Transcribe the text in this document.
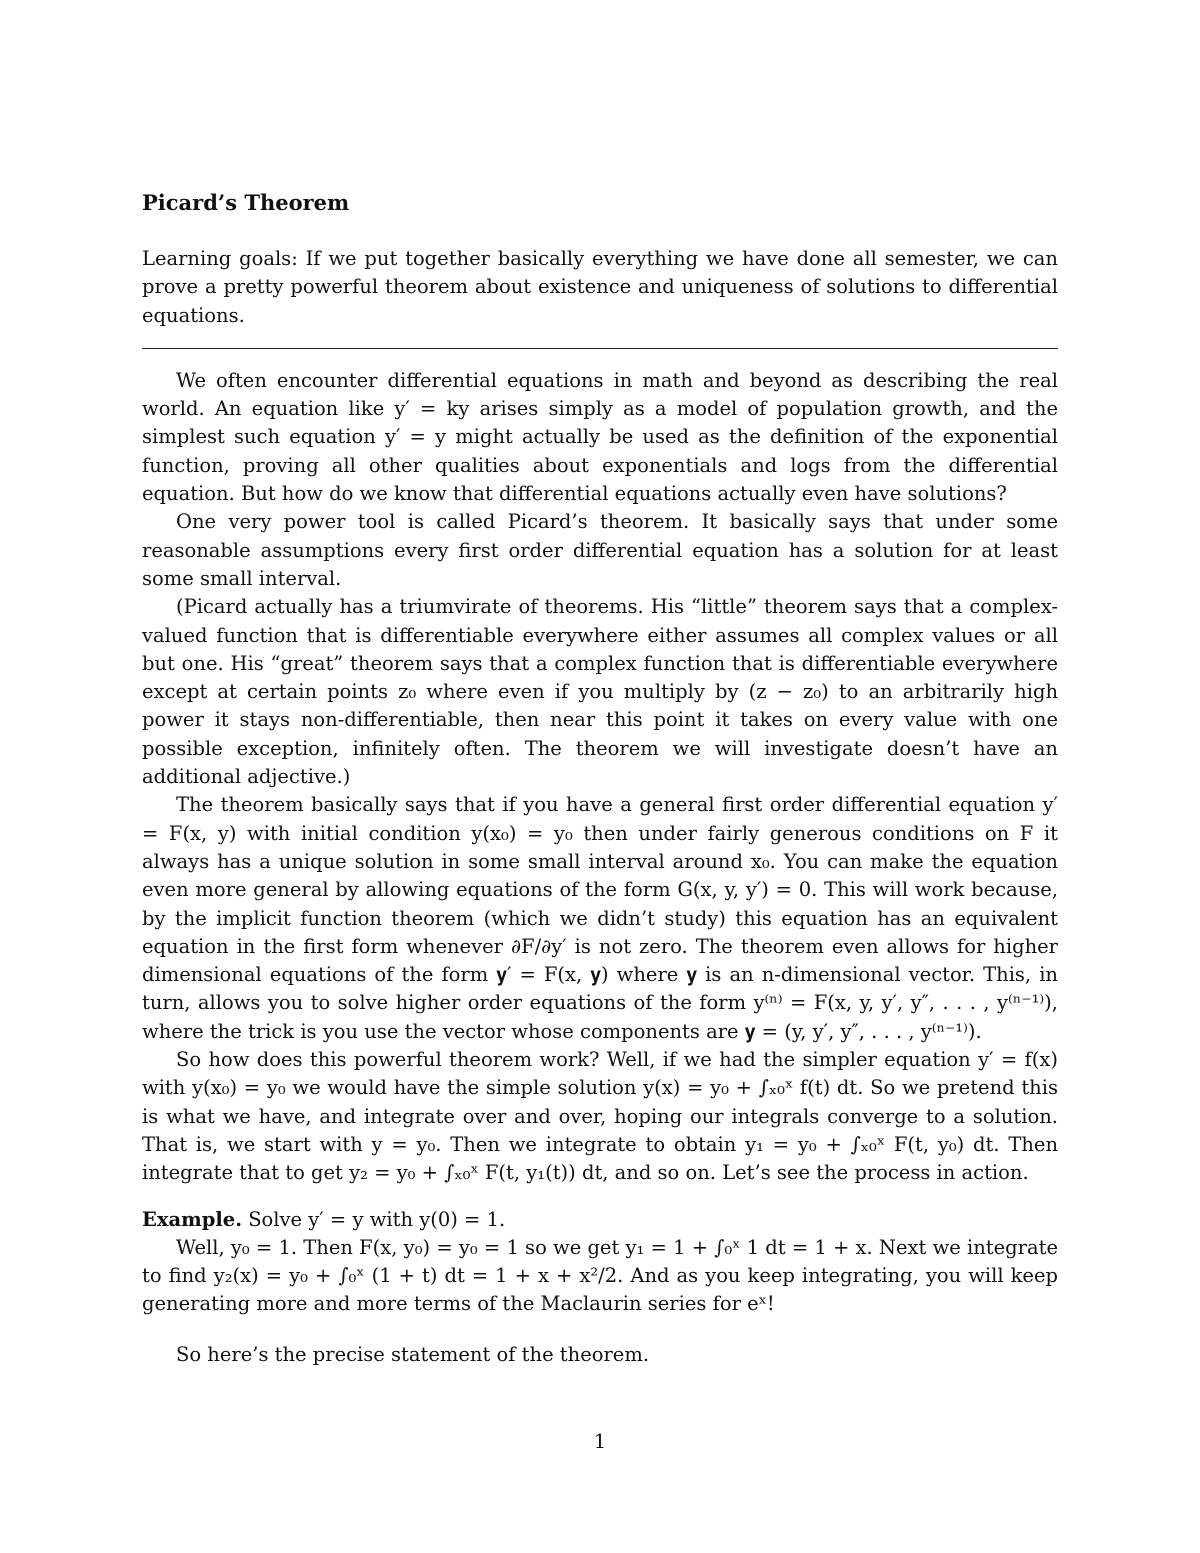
Picard’s Theorem

Learning goals: If we put together basically everything we have done all semester, we can prove a pretty powerful theorem about existence and uniqueness of solutions to differential equations.

We often encounter differential equations in math and beyond as describing the real world. An equation like y′ = ky arises simply as a model of population growth, and the simplest such equation y′ = y might actually be used as the definition of the exponential function, proving all other qualities about exponentials and logs from the differential equation. But how do we know that differential equations actually even have solutions?

One very power tool is called Picard’s theorem. It basically says that under some reasonable assumptions every first order differential equation has a solution for at least some small interval.

(Picard actually has a triumvirate of theorems. His “little” theorem says that a complex-valued function that is differentiable everywhere either assumes all complex values or all but one. His “great” theorem says that a complex function that is differentiable everywhere except at certain points z₀ where even if you multiply by (z − z₀) to an arbitrarily high power it stays non-differentiable, then near this point it takes on every value with one possible exception, infinitely often. The theorem we will investigate doesn’t have an additional adjective.)

The theorem basically says that if you have a general first order differential equation y′ = F(x, y) with initial condition y(x₀) = y₀ then under fairly generous conditions on F it always has a unique solution in some small interval around x₀. You can make the equation even more general by allowing equations of the form G(x, y, y′) = 0. This will work because, by the implicit function theorem (which we didn’t study) this equation has an equivalent equation in the first form whenever ∂F/∂y′ is not zero. The theorem even allows for higher dimensional equations of the form 𝐲′ = F(x, 𝐲) where 𝐲 is an n-dimensional vector. This, in turn, allows you to solve higher order equations of the form y⁽ⁿ⁾ = F(x, y, y′, y″, . . . , y⁽ⁿ⁻¹⁾), where the trick is you use the vector whose components are 𝐲 = (y, y′, y″, . . . , y⁽ⁿ⁻¹⁾).

So how does this powerful theorem work? Well, if we had the simpler equation y′ = f(x) with y(x₀) = y₀ we would have the simple solution y(x) = y₀ + ∫ₓ₀ˣ f(t) dt. So we pretend this is what we have, and integrate over and over, hoping our integrals converge to a solution. That is, we start with y = y₀. Then we integrate to obtain y₁ = y₀ + ∫ₓ₀ˣ F(t, y₀) dt. Then integrate that to get y₂ = y₀ + ∫ₓ₀ˣ F(t, y₁(t)) dt, and so on. Let’s see the process in action.

Example. Solve y′ = y with y(0) = 1.

Well, y₀ = 1. Then F(x, y₀) = y₀ = 1 so we get y₁ = 1 + ∫₀ˣ 1 dt = 1 + x. Next we integrate to find y₂(x) = y₀ + ∫₀ˣ (1 + t) dt = 1 + x + x²/2. And as you keep integrating, you will keep generating more and more terms of the Maclaurin series for eˣ!

So here’s the precise statement of the theorem.

1
